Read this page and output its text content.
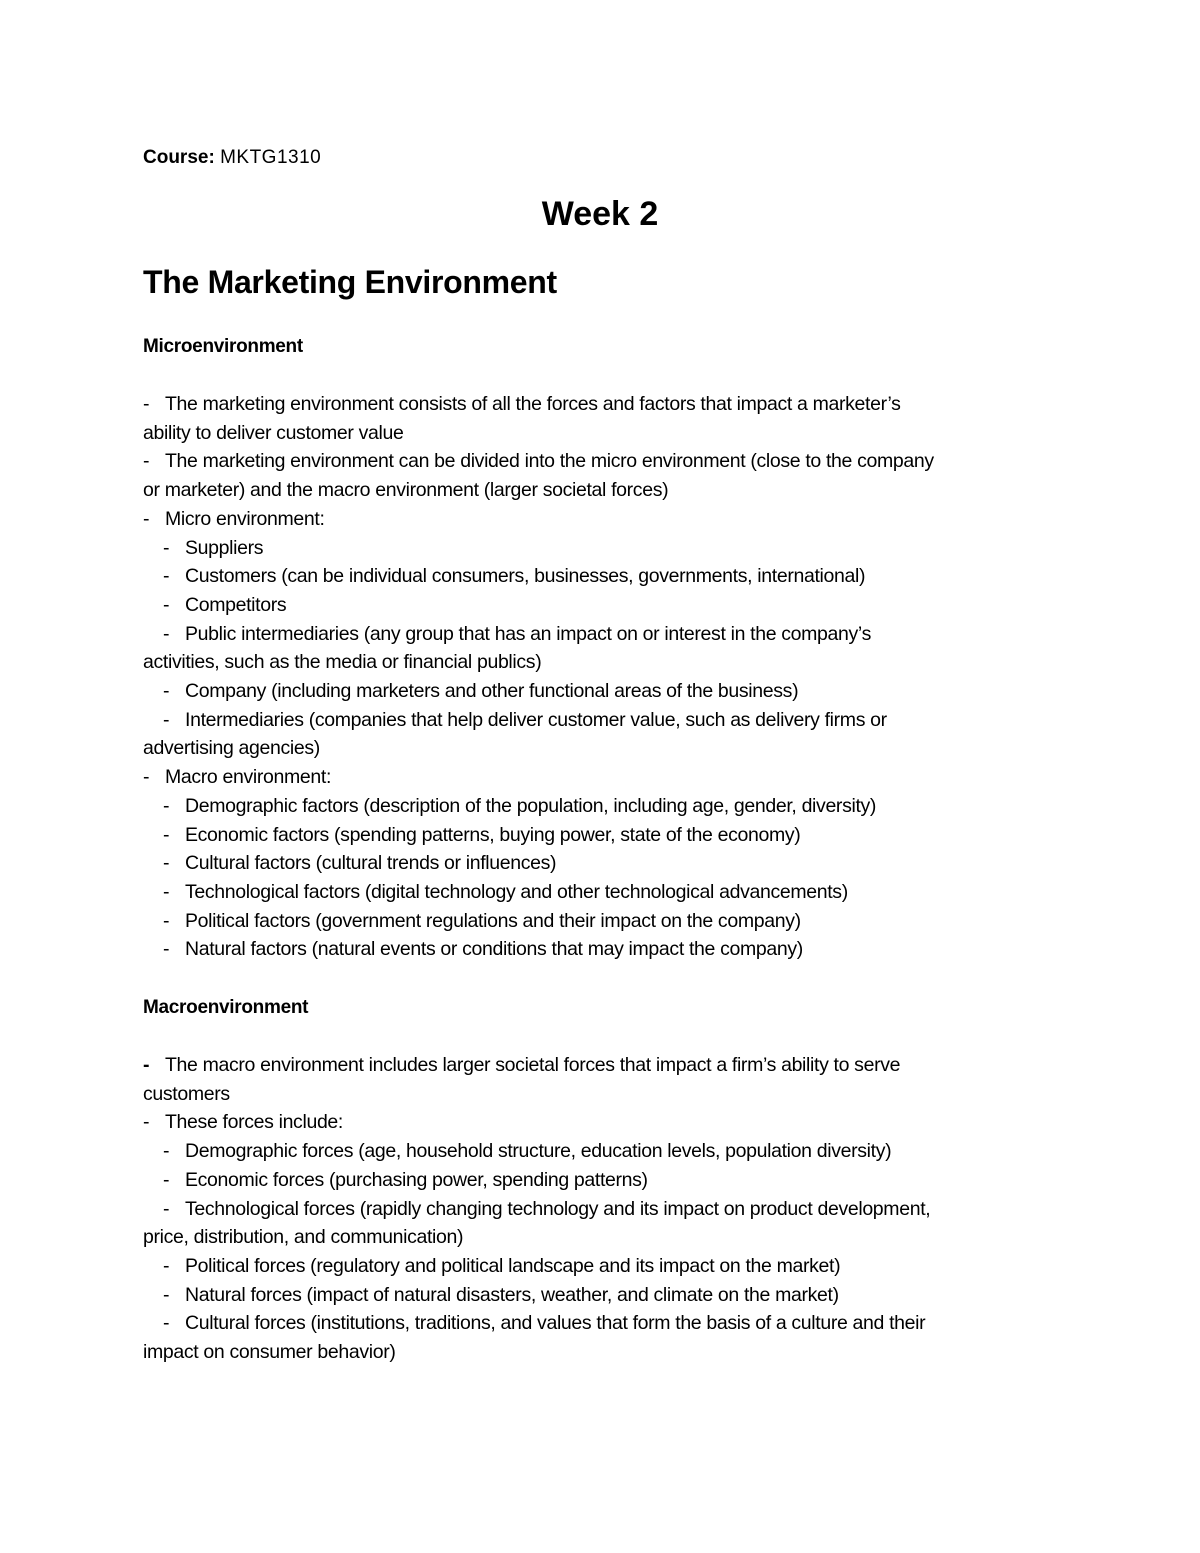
Course: MKTG1310
Week 2
The Marketing Environment
Microenvironment
- The marketing environment consists of all the forces and factors that impact a marketer’s
ability to deliver customer value
- The marketing environment can be divided into the micro environment (close to the company
or marketer) and the macro environment (larger societal forces)
- Micro environment:
- Suppliers
- Customers (can be individual consumers, businesses, governments, international)
- Competitors
- Public intermediaries (any group that has an impact on or interest in the company’s
activities, such as the media or financial publics)
- Company (including marketers and other functional areas of the business)
- Intermediaries (companies that help deliver customer value, such as delivery firms or
advertising agencies)
- Macro environment:
- Demographic factors (description of the population, including age, gender, diversity)
- Economic factors (spending patterns, buying power, state of the economy)
- Cultural factors (cultural trends or influences)
- Technological factors (digital technology and other technological advancements)
- Political factors (government regulations and their impact on the company)
- Natural factors (natural events or conditions that may impact the company)
Macroenvironment
- The macro environment includes larger societal forces that impact a firm’s ability to serve
customers
- These forces include:
- Demographic forces (age, household structure, education levels, population diversity)
- Economic forces (purchasing power, spending patterns)
- Technological forces (rapidly changing technology and its impact on product development,
price, distribution, and communication)
- Political forces (regulatory and political landscape and its impact on the market)
- Natural forces (impact of natural disasters, weather, and climate on the market)
- Cultural forces (institutions, traditions, and values that form the basis of a culture and their
impact on consumer behavior)
